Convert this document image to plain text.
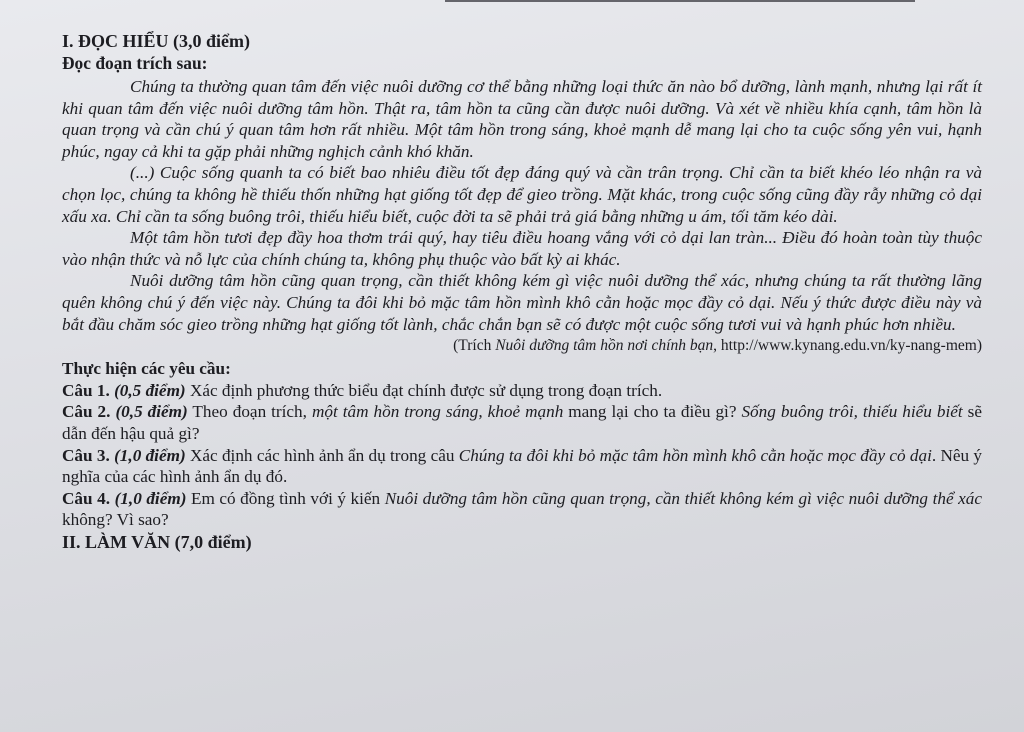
I. ĐỌC HIỂU (3,0 điểm)
Đọc đoạn trích sau:

Chúng ta thường quan tâm đến việc nuôi dưỡng cơ thể bằng những loại thức ăn nào bổ dưỡng, lành mạnh, nhưng lại rất ít khi quan tâm đến việc nuôi dưỡng tâm hồn. Thật ra, tâm hồn ta cũng cần được nuôi dưỡng. Và xét về nhiều khía cạnh, tâm hồn là quan trọng và cần chú ý quan tâm hơn rất nhiều. Một tâm hồn trong sáng, khoẻ mạnh dễ mang lại cho ta cuộc sống yên vui, hạnh phúc, ngay cả khi ta gặp phải những nghịch cảnh khó khăn.

(...) Cuộc sống quanh ta có biết bao nhiêu điều tốt đẹp đáng quý và cần trân trọng. Chỉ cần ta biết khéo léo nhận ra và chọn lọc, chúng ta không hề thiếu thốn những hạt giống tốt đẹp để gieo trồng. Mặt khác, trong cuộc sống cũng đầy rẫy những cỏ dại xấu xa. Chỉ cần ta sống buông trôi, thiếu hiểu biết, cuộc đời ta sẽ phải trả giá bằng những u ám, tối tăm kéo dài.

Một tâm hồn tươi đẹp đầy hoa thơm trái quý, hay tiêu điều hoang vắng với cỏ dại lan tràn... Điều đó hoàn toàn tùy thuộc vào nhận thức và nỗ lực của chính chúng ta, không phụ thuộc vào bất kỳ ai khác.

Nuôi dưỡng tâm hồn cũng quan trọng, cần thiết không kém gì việc nuôi dưỡng thể xác, nhưng chúng ta rất thường lãng quên không chú ý đến việc này. Chúng ta đôi khi bỏ mặc tâm hồn mình khô cằn hoặc mọc đầy cỏ dại. Nếu ý thức được điều này và bắt đầu chăm sóc gieo trồng những hạt giống tốt lành, chắc chắn bạn sẽ có được một cuộc sống tươi vui và hạnh phúc hơn nhiều.

(Trích Nuôi dưỡng tâm hồn nơi chính bạn, http://www.kynang.edu.vn/ky-nang-mem)

Thực hiện các yêu cầu:

Câu 1. (0,5 điểm) Xác định phương thức biểu đạt chính được sử dụng trong đoạn trích.

Câu 2. (0,5 điểm) Theo đoạn trích, một tâm hồn trong sáng, khoẻ mạnh mang lại cho ta điều gì? Sống buông trôi, thiếu hiểu biết sẽ dẫn đến hậu quả gì?

Câu 3. (1,0 điểm) Xác định các hình ảnh ẩn dụ trong câu Chúng ta đôi khi bỏ mặc tâm hồn mình khô cằn hoặc mọc đầy cỏ dại. Nêu ý nghĩa của các hình ảnh ẩn dụ đó.

Câu 4. (1,0 điểm) Em có đồng tình với ý kiến Nuôi dưỡng tâm hồn cũng quan trọng, cần thiết không kém gì việc nuôi dưỡng thể xác không? Vì sao?

II. LÀM VĂN (7,0 điểm)
